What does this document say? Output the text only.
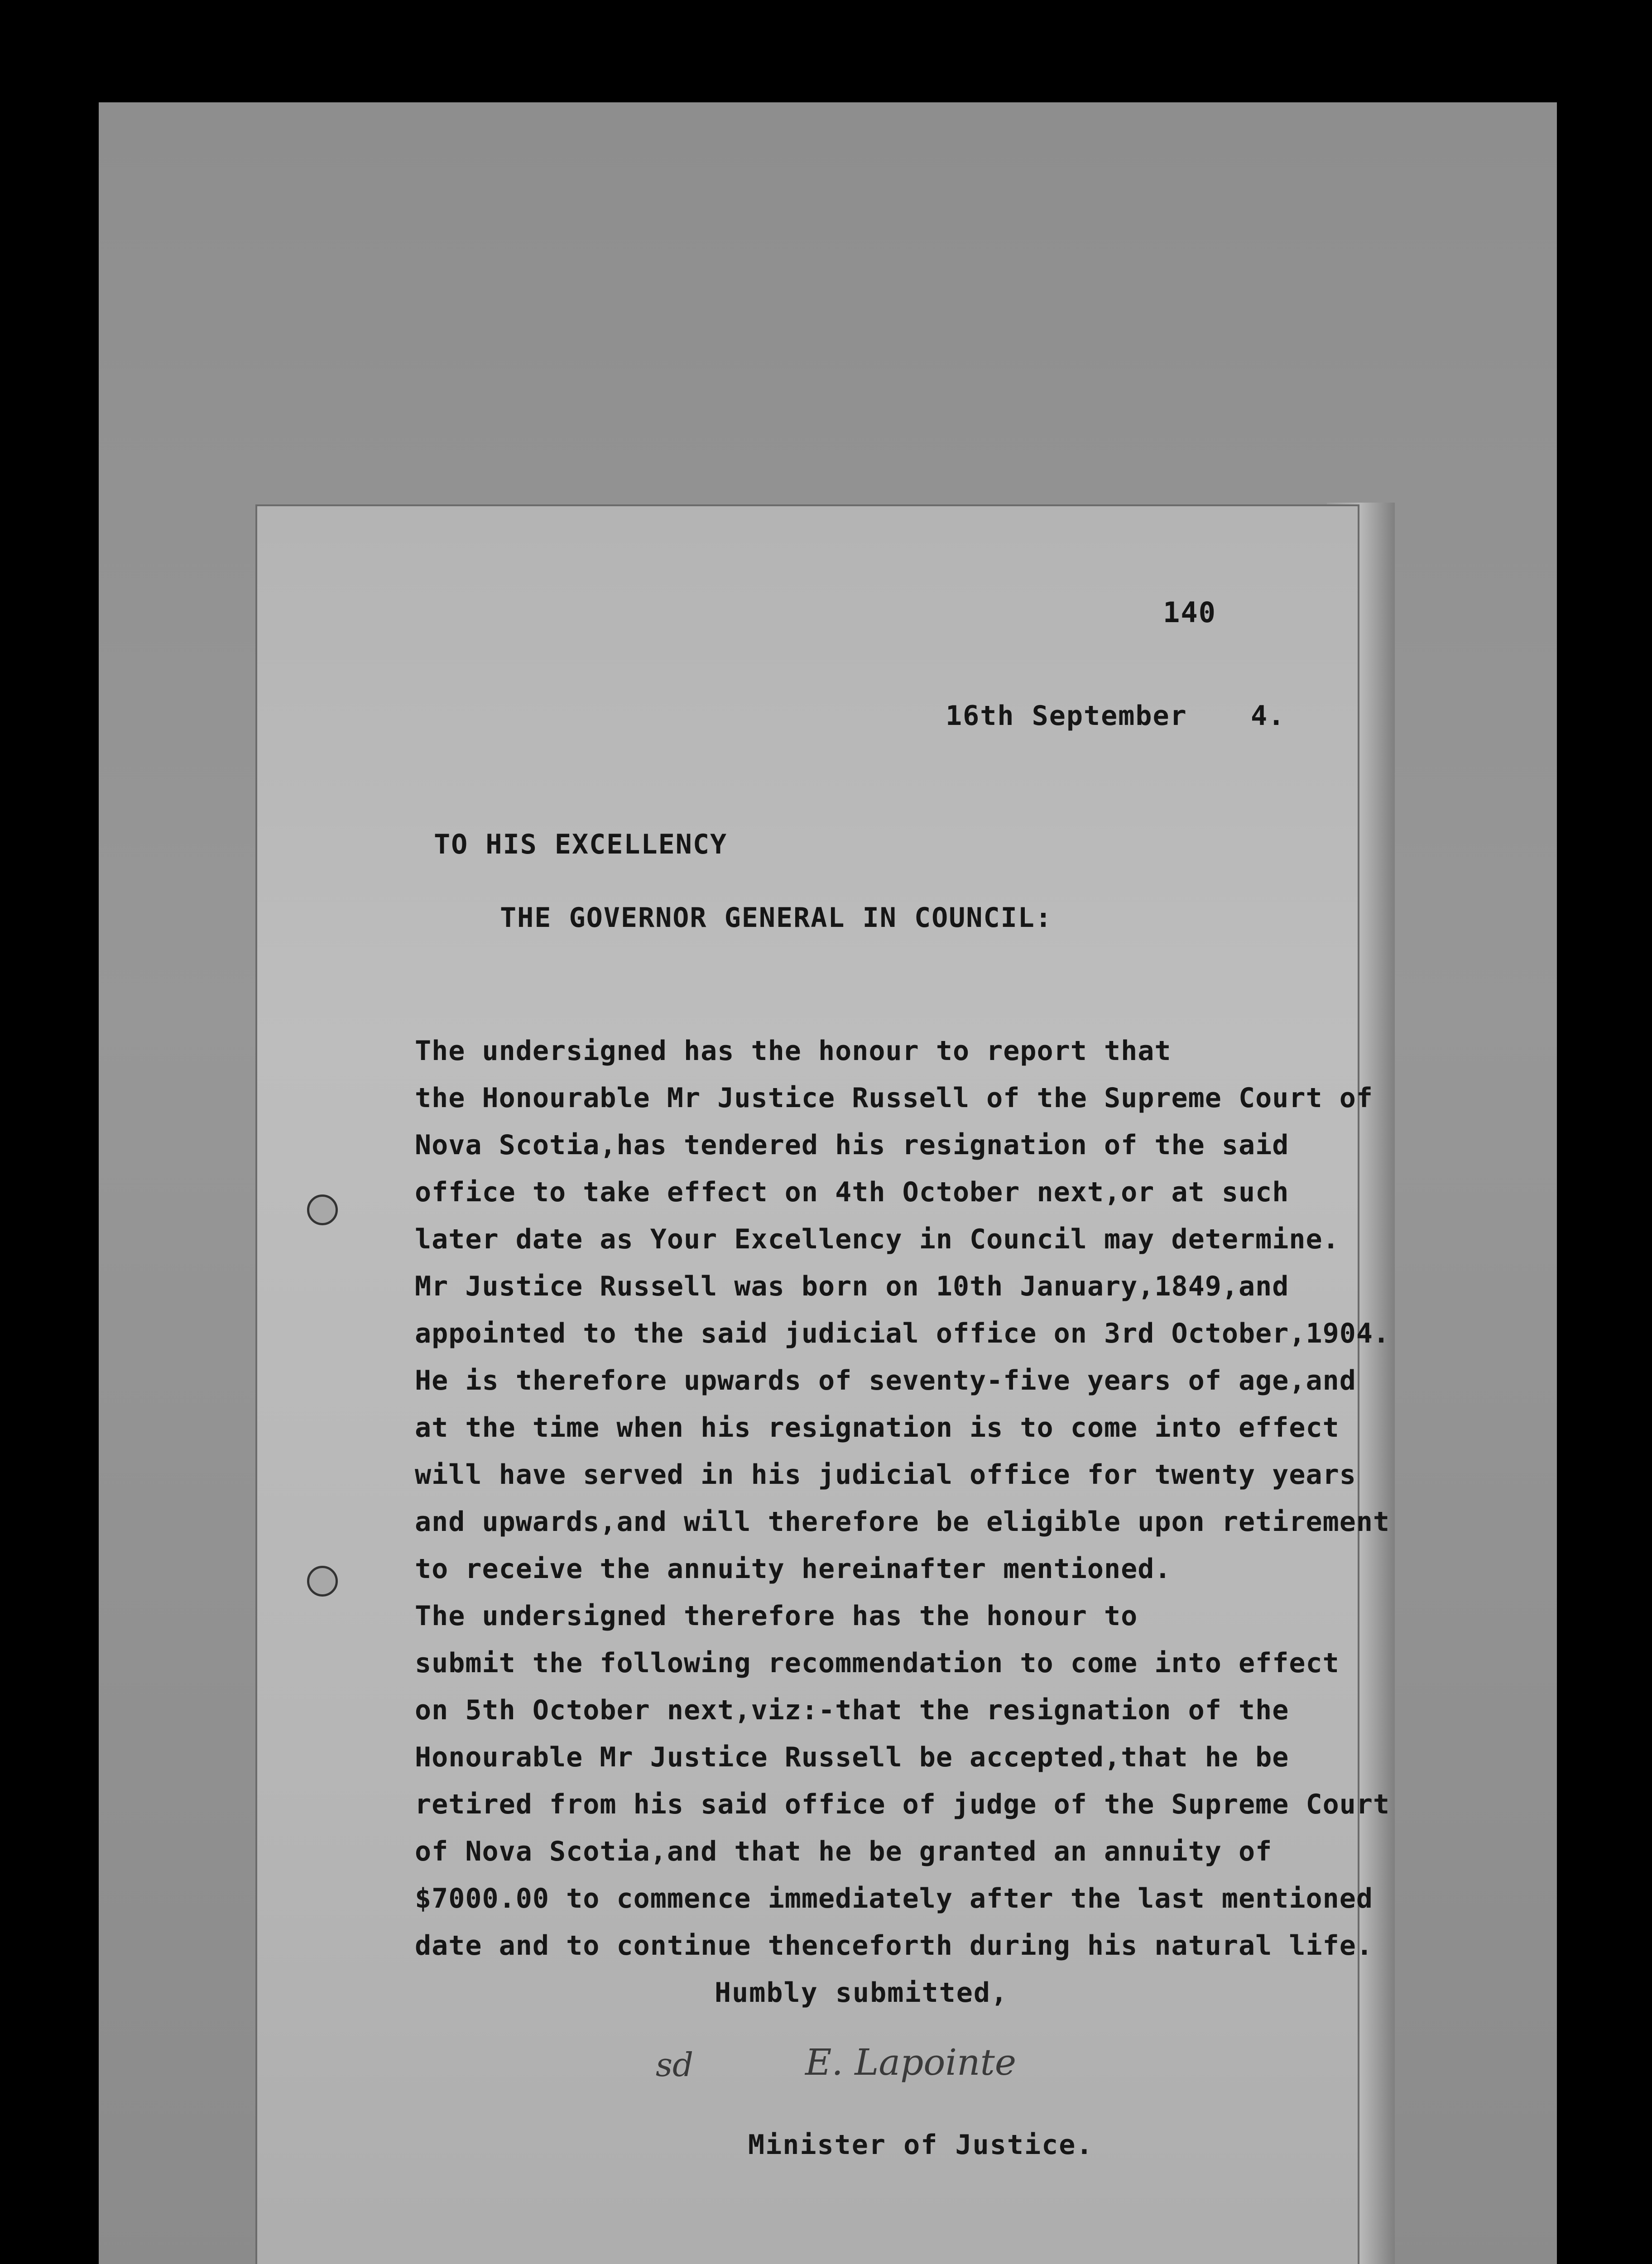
140
16th September 4.
TO HIS EXCELLENCY
THE GOVERNOR GENERAL IN COUNCIL:
The undersigned has the honour to report that
the Honourable Mr Justice Russell of the Supreme Court of
Nova Scotia,has tendered his resignation of the said
office to take effect on 4th October next,or at such
later date as Your Excellency in Council may determine.
Mr Justice Russell was born on 10th January,1849,and
appointed to the said judicial office on 3rd October,1904.
He is therefore upwards of seventy-five years of age,and
at the time when his resignation is to come into effect
will have served in his judicial office for twenty years
and upwards,and will therefore be eligible upon retirement
to receive the annuity hereinafter mentioned.
The undersigned therefore has the honour to
submit the following recommendation to come into effect
on 5th October next,viz:-that the resignation of the
Honourable Mr Justice Russell be accepted,that he be
retired from his said office of judge of the Supreme Court
of Nova Scotia,and that he be granted an annuity of
$7000.00 to commence immediately after the last mentioned
date and to continue thenceforth during his natural life.
Humbly submitted,
sd	E. Lapointe
Minister of Justice.
